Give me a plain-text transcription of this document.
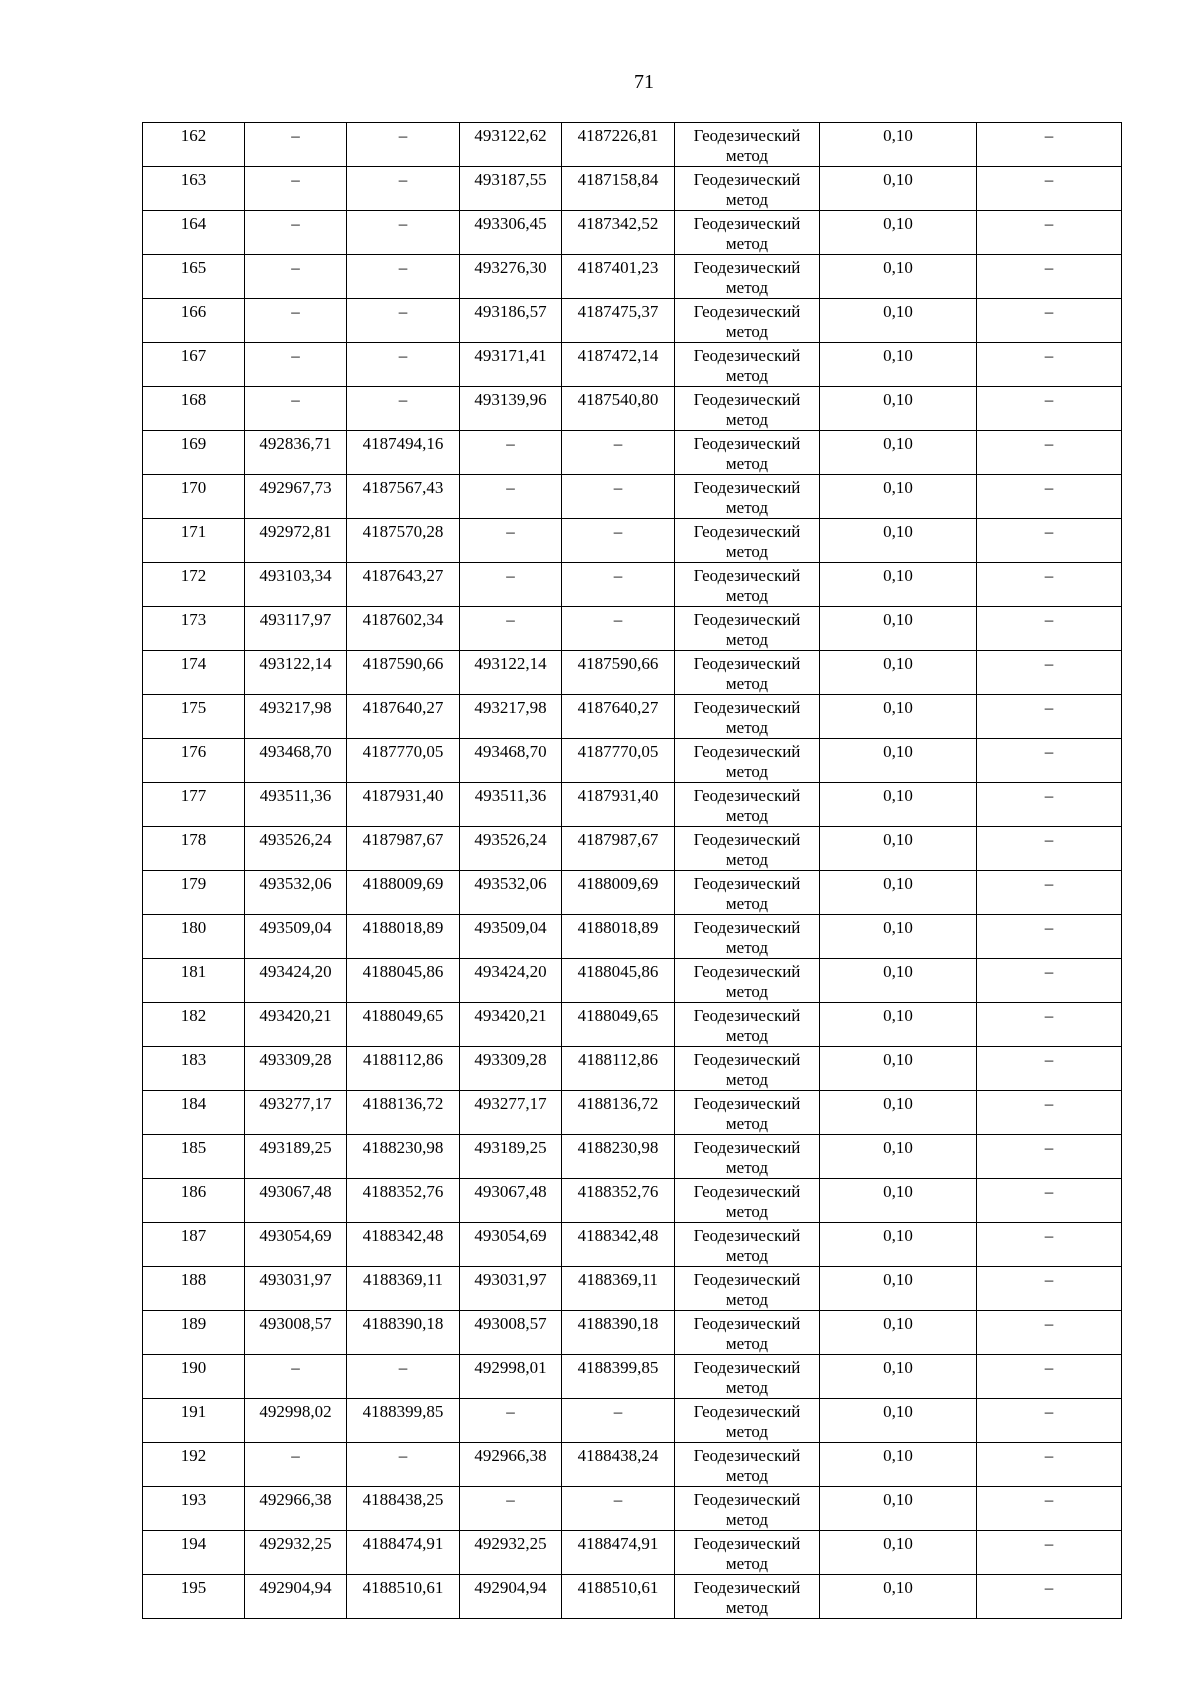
71
162	–	–	493122,62	4187226,81	Геодезический метод	0,10	–
163	–	–	493187,55	4187158,84	Геодезический метод	0,10	–
164	–	–	493306,45	4187342,52	Геодезический метод	0,10	–
165	–	–	493276,30	4187401,23	Геодезический метод	0,10	–
166	–	–	493186,57	4187475,37	Геодезический метод	0,10	–
167	–	–	493171,41	4187472,14	Геодезический метод	0,10	–
168	–	–	493139,96	4187540,80	Геодезический метод	0,10	–
169	492836,71	4187494,16	–	–	Геодезический метод	0,10	–
170	492967,73	4187567,43	–	–	Геодезический метод	0,10	–
171	492972,81	4187570,28	–	–	Геодезический метод	0,10	–
172	493103,34	4187643,27	–	–	Геодезический метод	0,10	–
173	493117,97	4187602,34	–	–	Геодезический метод	0,10	–
174	493122,14	4187590,66	493122,14	4187590,66	Геодезический метод	0,10	–
175	493217,98	4187640,27	493217,98	4187640,27	Геодезический метод	0,10	–
176	493468,70	4187770,05	493468,70	4187770,05	Геодезический метод	0,10	–
177	493511,36	4187931,40	493511,36	4187931,40	Геодезический метод	0,10	–
178	493526,24	4187987,67	493526,24	4187987,67	Геодезический метод	0,10	–
179	493532,06	4188009,69	493532,06	4188009,69	Геодезический метод	0,10	–
180	493509,04	4188018,89	493509,04	4188018,89	Геодезический метод	0,10	–
181	493424,20	4188045,86	493424,20	4188045,86	Геодезический метод	0,10	–
182	493420,21	4188049,65	493420,21	4188049,65	Геодезический метод	0,10	–
183	493309,28	4188112,86	493309,28	4188112,86	Геодезический метод	0,10	–
184	493277,17	4188136,72	493277,17	4188136,72	Геодезический метод	0,10	–
185	493189,25	4188230,98	493189,25	4188230,98	Геодезический метод	0,10	–
186	493067,48	4188352,76	493067,48	4188352,76	Геодезический метод	0,10	–
187	493054,69	4188342,48	493054,69	4188342,48	Геодезический метод	0,10	–
188	493031,97	4188369,11	493031,97	4188369,11	Геодезический метод	0,10	–
189	493008,57	4188390,18	493008,57	4188390,18	Геодезический метод	0,10	–
190	–	–	492998,01	4188399,85	Геодезический метод	0,10	–
191	492998,02	4188399,85	–	–	Геодезический метод	0,10	–
192	–	–	492966,38	4188438,24	Геодезический метод	0,10	–
193	492966,38	4188438,25	–	–	Геодезический метод	0,10	–
194	492932,25	4188474,91	492932,25	4188474,91	Геодезический метод	0,10	–
195	492904,94	4188510,61	492904,94	4188510,61	Геодезический метод	0,10	–
